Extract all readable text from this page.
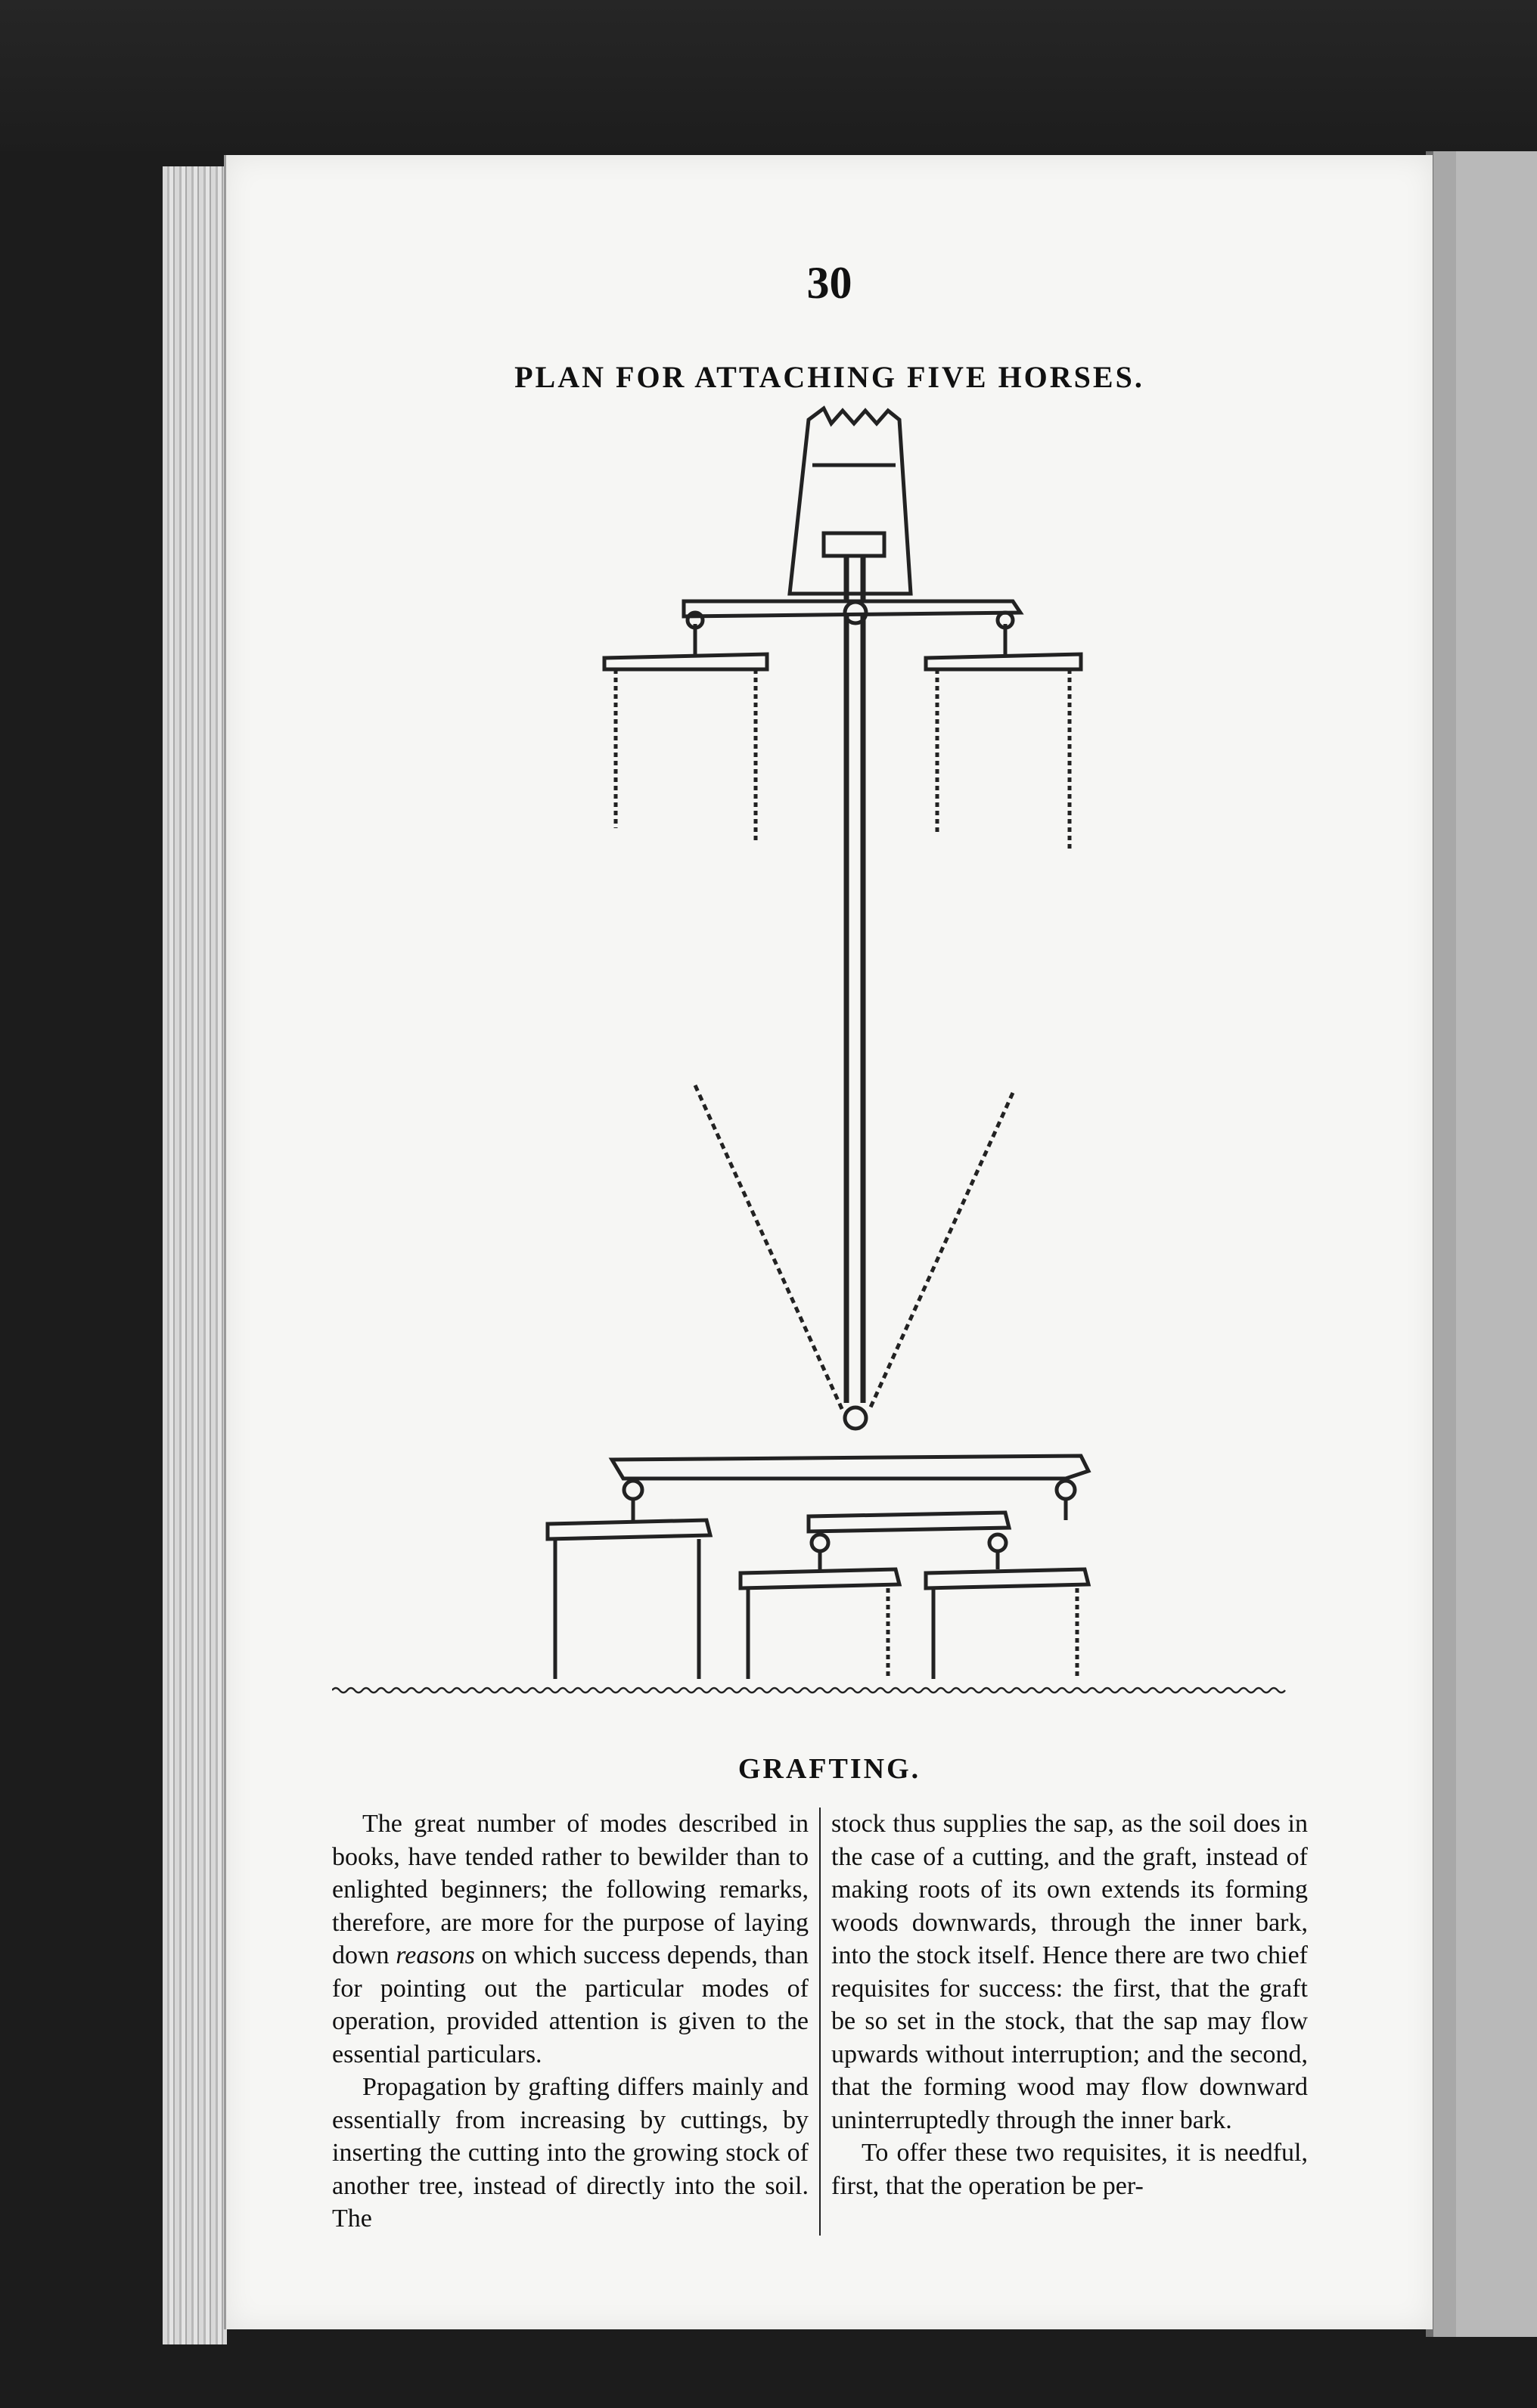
30
PLAN FOR ATTACHING FIVE HORSES.
GRAFTING.

The great number of modes described in books, have tended rather to bewilder than to enlighted beginners; the following remarks, therefore, are more for the purpose of laying down reasons on which success depends, than for pointing out the particular modes of operation, provided attention is given to the essential particulars.

Propagation by grafting differs mainly and essentially from increasing by cuttings, by inserting the cutting into the growing stock of another tree, instead of directly into the soil. The

stock thus supplies the sap, as the soil does in the case of a cutting, and the graft, instead of making roots of its own extends its forming woods downwards, through the inner bark, into the stock itself. Hence there are two chief requisites for success: the first, that the graft be so set in the stock, that the sap may flow upwards without interruption; and the second, that the forming wood may flow downward uninterruptedly through the inner bark.

To offer these two requisites, it is needful, first, that the operation be per-
